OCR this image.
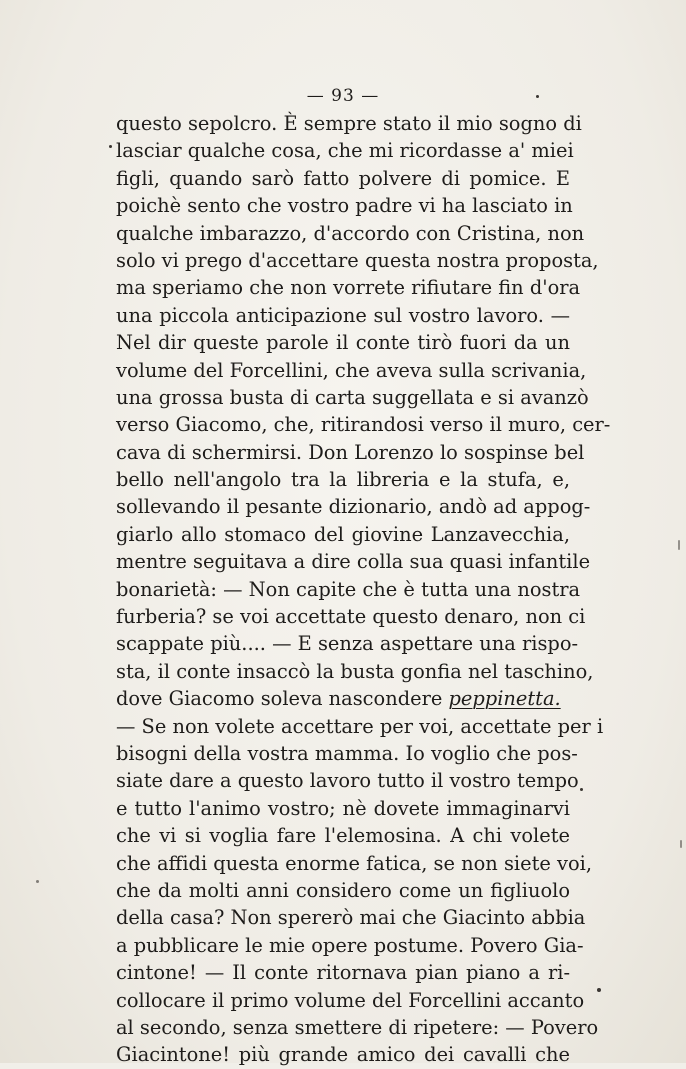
— 93 —
questo sepolcro. È sempre stato il mio sogno di
lasciar qualche cosa, che mi ricordasse a' miei
figli, quando sarò fatto polvere di pomice. E
poichè sento che vostro padre vi ha lasciato in
qualche imbarazzo, d'accordo con Cristina, non
solo vi prego d'accettare questa nostra proposta,
ma speriamo che non vorrete rifiutare fin d'ora
una piccola anticipazione sul vostro lavoro. —
Nel dir queste parole il conte tirò fuori da un
volume del Forcellini, che aveva sulla scrivania,
una grossa busta di carta suggellata e si avanzò
verso Giacomo, che, ritirandosi verso il muro, cer-
cava di schermirsi. Don Lorenzo lo sospinse bel
bello nell'angolo tra la libreria e la stufa, e,
sollevando il pesante dizionario, andò ad appog-
giarlo allo stomaco del giovine Lanzavecchia,
mentre seguitava a dire colla sua quasi infantile
bonarietà: — Non capite che è tutta una nostra
furberia? se voi accettate questo denaro, non ci
scappate più.... — E senza aspettare una rispo-
sta, il conte insaccò la busta gonfia nel taschino,
dove Giacomo soleva nascondere peppinetta.
— Se non volete accettare per voi, accettate per i
bisogni della vostra mamma. Io voglio che pos-
siate dare a questo lavoro tutto il vostro tempo
e tutto l'animo vostro; nè dovete immaginarvi
che vi si voglia fare l'elemosina. A chi volete
che affidi questa enorme fatica, se non siete voi,
che da molti anni considero come un figliuolo
della casa? Non spererò mai che Giacinto abbia
a pubblicare le mie opere postume. Povero Gia-
cintone! — Il conte ritornava pian piano a ri-
collocare il primo volume del Forcellini accanto
al secondo, senza smettere di ripetere: — Povero
Giacintone! più grande amico dei cavalli che
